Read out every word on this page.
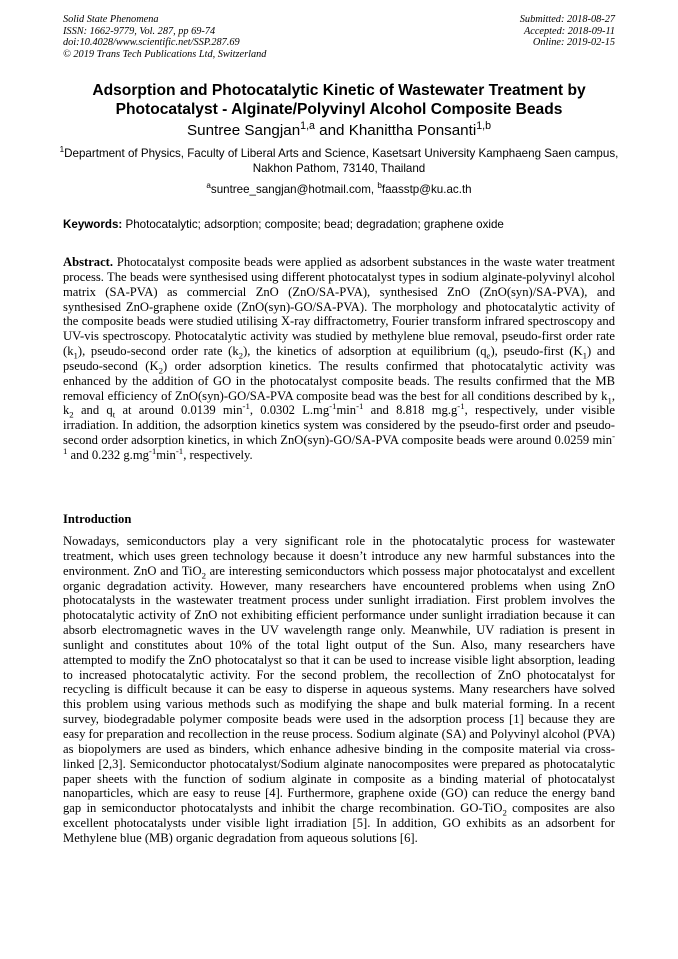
Solid State Phenomena
ISSN: 1662-9779, Vol. 287, pp 69-74
doi:10.4028/www.scientific.net/SSP.287.69
© 2019 Trans Tech Publications Ltd, Switzerland
Submitted: 2018-08-27
Accepted: 2018-09-11
Online: 2019-02-15
Adsorption and Photocatalytic Kinetic of Wastewater Treatment by
Photocatalyst - Alginate/Polyvinyl Alcohol Composite Beads
Suntree Sangjan$^{1,a}$ and Khanittha Ponsanti$^{1,b}$
$^1$Department of Physics, Faculty of Liberal Arts and Science, Kasetsart University Kamphaeng Saen campus, Nakhon Pathom, 73140, Thailand
$^a$suntree_sangjan@hotmail.com, $^b$faasstp@ku.ac.th
Keywords: Photocatalytic; adsorption; composite; bead; degradation; graphene oxide
Abstract. Photocatalyst composite beads were applied as adsorbent substances in the waste water treatment process. The beads were synthesised using different photocatalyst types in sodium alginate-polyvinyl alcohol matrix (SA-PVA) as commercial ZnO (ZnO/SA-PVA), synthesised ZnO (ZnO(syn)/SA-PVA), and synthesised ZnO-graphene oxide (ZnO(syn)-GO/SA-PVA). The morphology and photocatalytic activity of the composite beads were studied utilising X-ray diffractometry, Fourier transform infrared spectroscopy and UV-vis spectroscopy. Photocatalytic activity was studied by methylene blue removal, pseudo-first order rate $(k_1)$, pseudo-second order rate $(k_2)$, the kinetics of adsorption at equilibrium $(q_e)$, pseudo-first $(K_1)$ and pseudo-second $(K_2)$ order adsorption kinetics. The results confirmed that photocatalytic activity was enhanced by the addition of GO in the photocatalyst composite beads. The results confirmed that the MB removal efficiency of ZnO(syn)-GO/SA-PVA composite bead was the best for all conditions described by $k_1$, $k_2$ and $q_t$ at around 0.0139 $\min^{-1}$, 0.0302 $L.mg^{-1}\min^{-1}$ and 8.818 $mg.g^{-1}$, respectively, under visible irradiation. In addition, the adsorption kinetics system was considered by the pseudo-first order and pseudo-second order adsorption kinetics, in which ZnO(syn)-GO/SA-PVA composite beads were around 0.0259 $\min^{-1}$ and 0.232 $g.mg^{-1}\min^{-1}$, respectively.
Introduction
Nowadays, semiconductors play a very significant role in the photocatalytic process for wastewater treatment, which uses green technology because it doesn’t introduce any new harmful substances into the environment. ZnO and TiO$_2$ are interesting semiconductors which possess major photocatalyst and excellent organic degradation activity. However, many researchers have encountered problems when using ZnO photocatalysts in the wastewater treatment process under sunlight irradiation. First problem involves the photocatalytic activity of ZnO not exhibiting efficient performance under sunlight irradiation because it can absorb electromagnetic waves in the UV wavelength range only. Meanwhile, UV radiation is present in sunlight and constitutes about 10% of the total light output of the Sun. Also, many researchers have attempted to modify the ZnO photocatalyst so that it can be used to increase visible light absorption, leading to increased photocatalytic activity. For the second problem, the recollection of ZnO photocatalyst for recycling is difficult because it can be easy to disperse in aqueous systems. Many researchers have solved this problem using various methods such as modifying the shape and bulk material forming. In a recent survey, biodegradable polymer composite beads were used in the adsorption process [1] because they are easy for preparation and recollection in the reuse process. Sodium alginate (SA) and Polyvinyl alcohol (PVA) as biopolymers are used as binders, which enhance adhesive binding in the composite material via cross-linked [2,3]. Semiconductor photocatalyst/Sodium alginate nanocomposites were prepared as photocatalytic paper sheets with the function of sodium alginate in composite as a binding material of photocatalyst nanoparticles, which are easy to reuse [4]. Furthermore, graphene oxide (GO) can reduce the energy band gap in semiconductor photocatalysts and inhibit the charge recombination. GO-TiO$_2$ composites are also excellent photocatalysts under visible light irradiation [5]. In addition, GO exhibits as an adsorbent for Methylene blue (MB) organic degradation from aqueous solutions [6].
